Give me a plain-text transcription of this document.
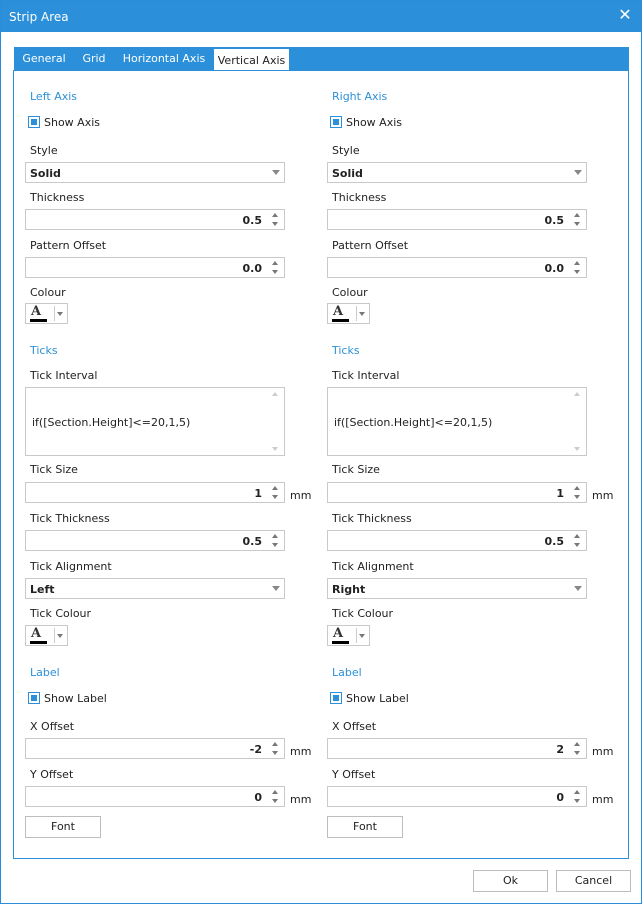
Strip Area	✕
General	Grid	Horizontal Axis	Vertical Axis
Left Axis
Show Axis
Style
Solid
Thickness
0.5
Pattern Offset
0.0
Colour
A
Ticks
Tick Interval
if([Section.Height]<=20,1,5)
Tick Size
1	mm
Tick Thickness
0.5
Tick Alignment
Left
Tick Colour
A
Label
Show Label
X Offset
-2	mm
Y Offset
0	mm
Font
Right Axis
Show Axis
Style
Solid
Thickness
0.5
Pattern Offset
0.0
Colour
A
Ticks
Tick Interval
if([Section.Height]<=20,1,5)
Tick Size
1	mm
Tick Thickness
0.5
Tick Alignment
Right
Tick Colour
A
Label
Show Label
X Offset
2	mm
Y Offset
0	mm
Font
Ok	Cancel
